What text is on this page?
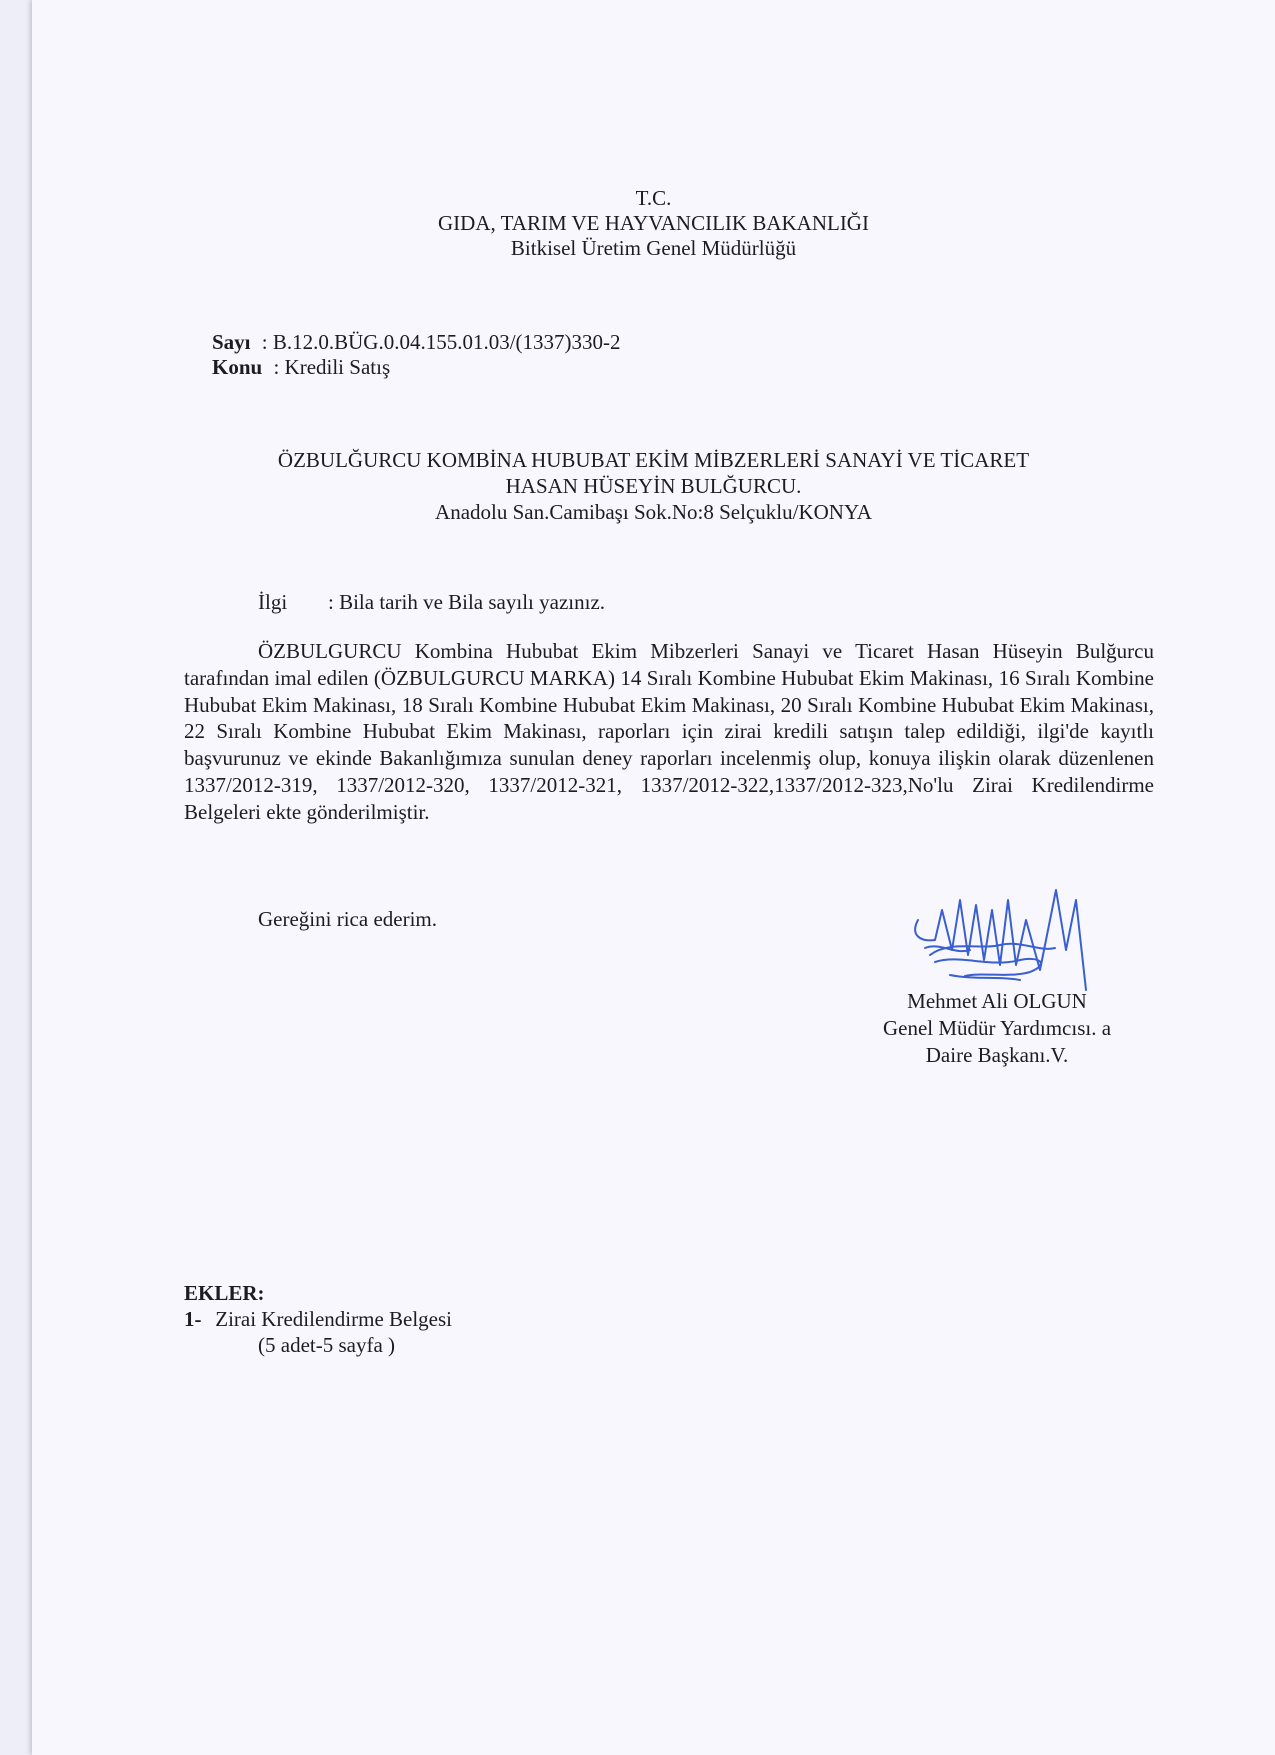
T.C.
GIDA, TARIM VE HAYVANCILIK BAKANLIĞI
Bitkisel Üretim Genel Müdürlüğü
Sayı : B.12.0.BÜG.0.04.155.01.03/(1337)330-2
Konu : Kredili Satış
ÖZBULĞURCU KOMBİNA HUBUBAT EKİM MİBZERLERİ SANAYİ VE TİCARET
HASAN HÜSEYİN BULĞURCU.
Anadolu San.Camibaşı Sok.No:8 Selçuklu/KONYA
İlgi : Bila tarih ve Bila sayılı yazınız.
ÖZBULGURCU Kombina Hububat Ekim Mibzerleri Sanayi ve Ticaret Hasan Hüseyin Bulğurcu tarafından imal edilen (ÖZBULGURCU MARKA) 14 Sıralı Kombine Hububat Ekim Makinası, 16 Sıralı Kombine Hububat Ekim Makinası, 18 Sıralı Kombine Hububat Ekim Makinası, 20 Sıralı Kombine Hububat Ekim Makinası, 22 Sıralı Kombine Hububat Ekim Makinası, raporları için zirai kredili satışın talep edildiği, ilgi'de kayıtlı başvurunuz ve ekinde Bakanlığımıza sunulan deney raporları incelenmiş olup, konuya ilişkin olarak düzenlenen 1337/2012-319, 1337/2012-320, 1337/2012-321, 1337/2012-322,1337/2012-323,No'lu Zirai Kredilendirme Belgeleri ekte gönderilmiştir.
Gereğini rica ederim.
Mehmet Ali OLGUN
Genel Müdür Yardımcısı. a
Daire Başkanı.V.
EKLER:
1- Zirai Kredilendirme Belgesi
(5 adet-5 sayfa )
